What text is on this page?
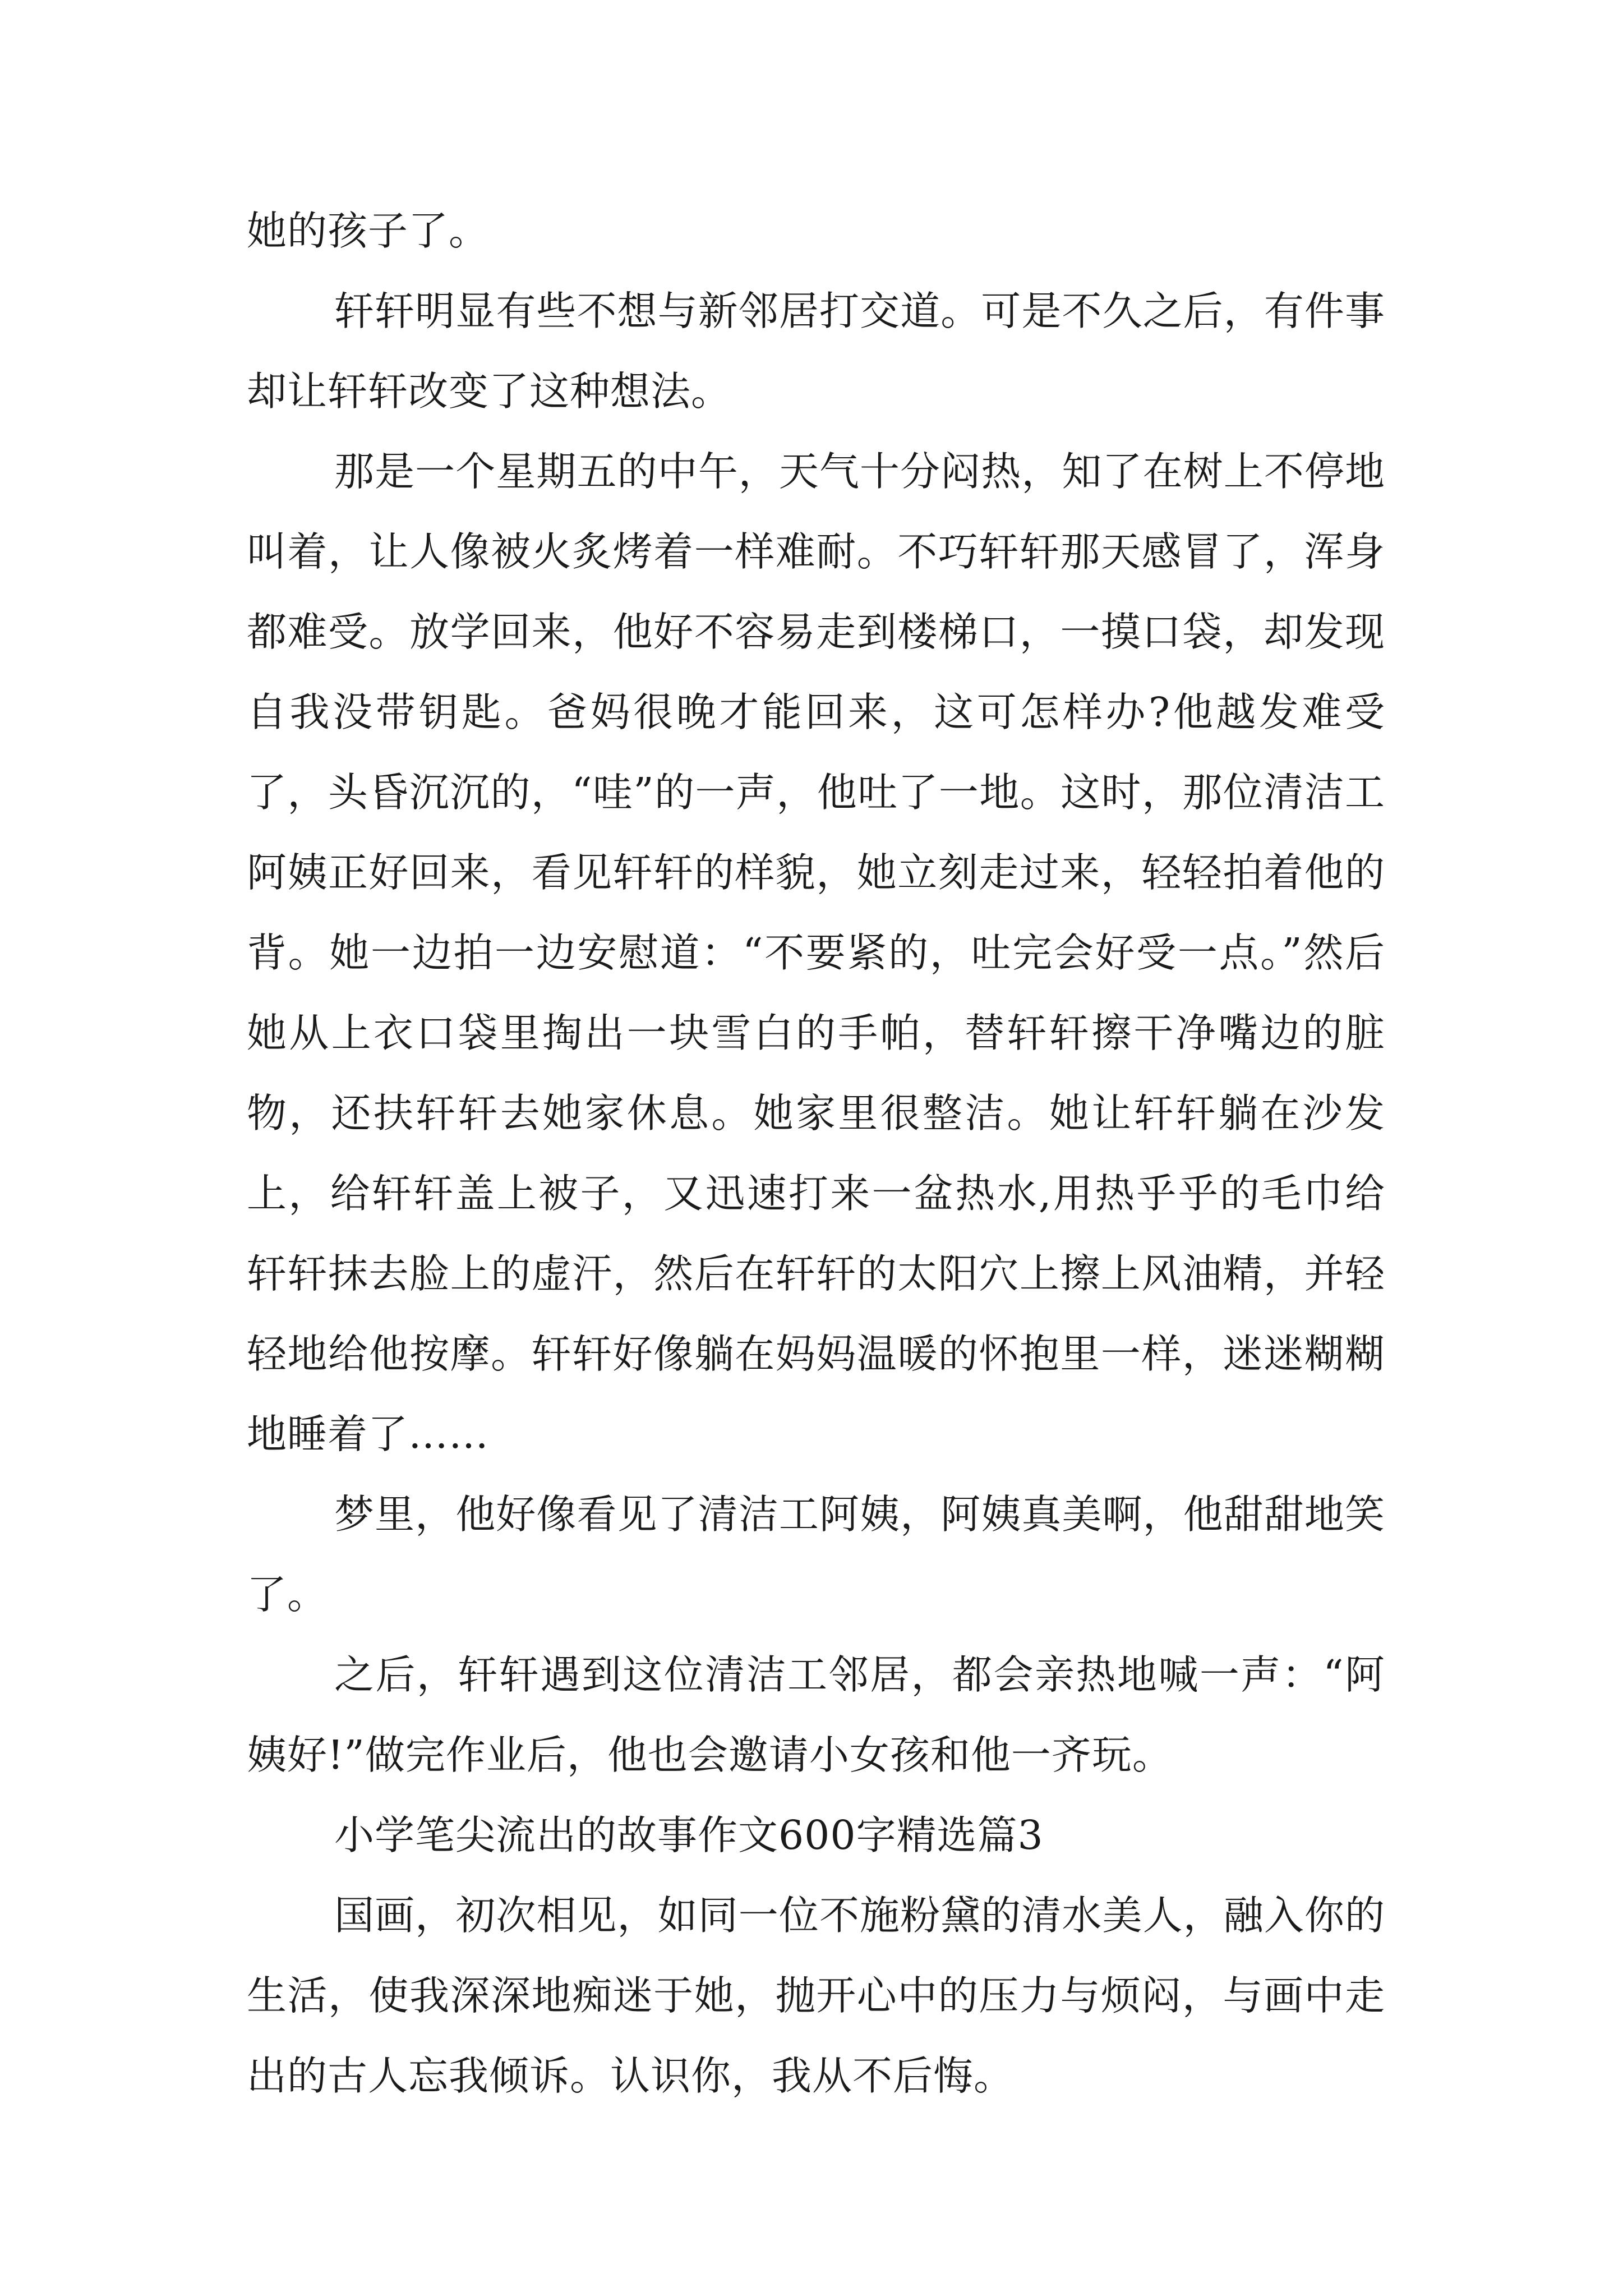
她的孩子了。

轩轩明显有些不想与新邻居打交道。可是不久之后，有件事却让轩轩改变了这种想法。

那是一个星期五的中午，天气十分闷热，知了在树上不停地叫着，让人像被火炙烤着一样难耐。不巧轩轩那天感冒了，浑身都难受。放学回来，他好不容易走到楼梯口，一摸口袋，却发现自我没带钥匙。爸妈很晚才能回来，这可怎样办?他越发难受了，头昏沉沉的，“哇”的一声，他吐了一地。这时，那位清洁工阿姨正好回来，看见轩轩的样貌，她立刻走过来，轻轻拍着他的背。她一边拍一边安慰道：“不要紧的，吐完会好受一点。”然后她从上衣口袋里掏出一块雪白的手帕，替轩轩擦干净嘴边的脏物，还扶轩轩去她家休息。她家里很整洁。她让轩轩躺在沙发上，给轩轩盖上被子，又迅速打来一盆热水,用热乎乎的毛巾给轩轩抹去脸上的虚汗，然后在轩轩的太阳穴上擦上风油精，并轻轻地给他按摩。轩轩好像躺在妈妈温暖的怀抱里一样，迷迷糊糊地睡着了……

梦里，他好像看见了清洁工阿姨，阿姨真美啊，他甜甜地笑了。

之后，轩轩遇到这位清洁工邻居，都会亲热地喊一声：“阿姨好!”做完作业后，他也会邀请小女孩和他一齐玩。

小学笔尖流出的故事作文600字精选篇3

国画，初次相见，如同一位不施粉黛的清水美人，融入你的生活，使我深深地痴迷于她，抛开心中的压力与烦闷，与画中走出的古人忘我倾诉。认识你，我从不后悔。
